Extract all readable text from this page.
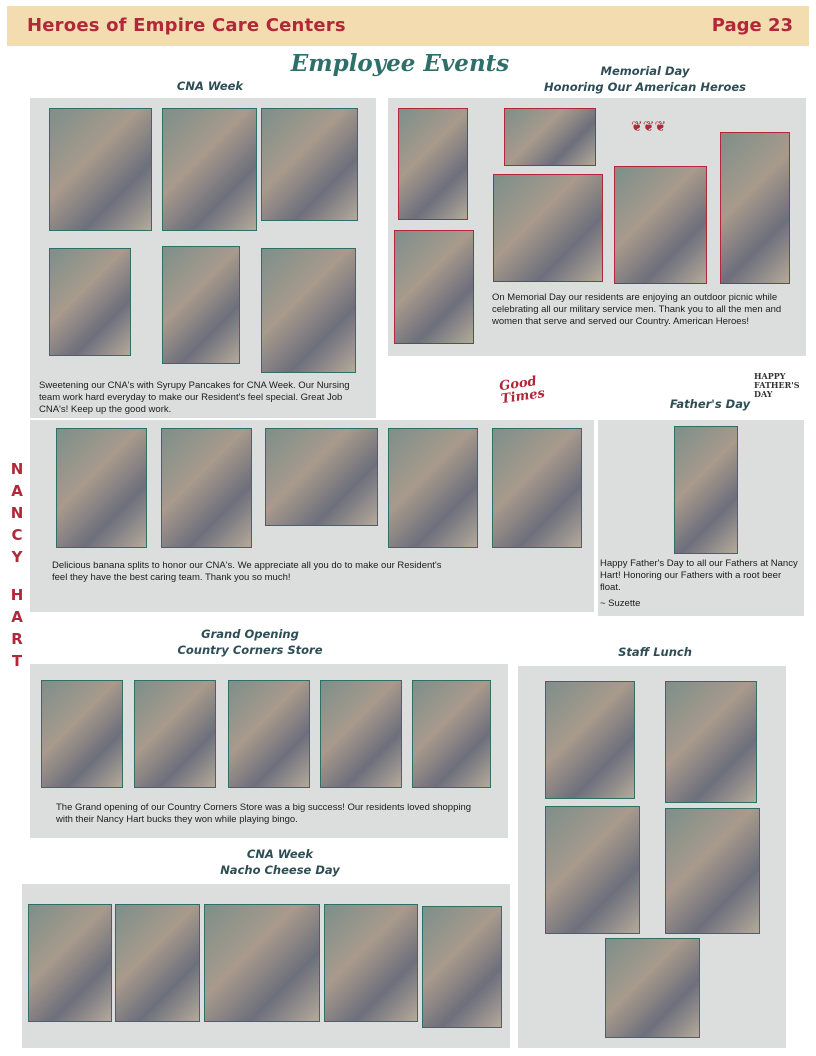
Heroes of Empire Care Centers	Page 23
Employee Events
N
A
N
C
Y
H
A
R
T
CNA Week
Sweetening our CNA's with Syrupy Pancakes for CNA Week. Our Nursing team work hard everyday to make our Resident's feel special. Great Job CNA's! Keep up the good work.
Memorial Day
Honoring Our American Heroes
❦❦❦
On Memorial Day our residents are enjoying an outdoor picnic while celebrating all our military service men. Thank you to all the men and women that serve and served our Country. American Heroes!
Good Times
Delicious banana splits to honor our CNA's. We appreciate all you do to make our Resident's feel they have the best caring team. Thank you so much!
HAPPY FATHER'S DAY
Father's Day
Happy Father's Day to all our Fathers at Nancy Hart! Honoring our Fathers with a root beer float.
~ Suzette
Grand Opening
Country Corners Store
The Grand opening of our Country Corners Store was a big success! Our residents loved shopping with their Nancy Hart bucks they won while playing bingo.
Staff Lunch
CNA Week
Nacho Cheese Day
